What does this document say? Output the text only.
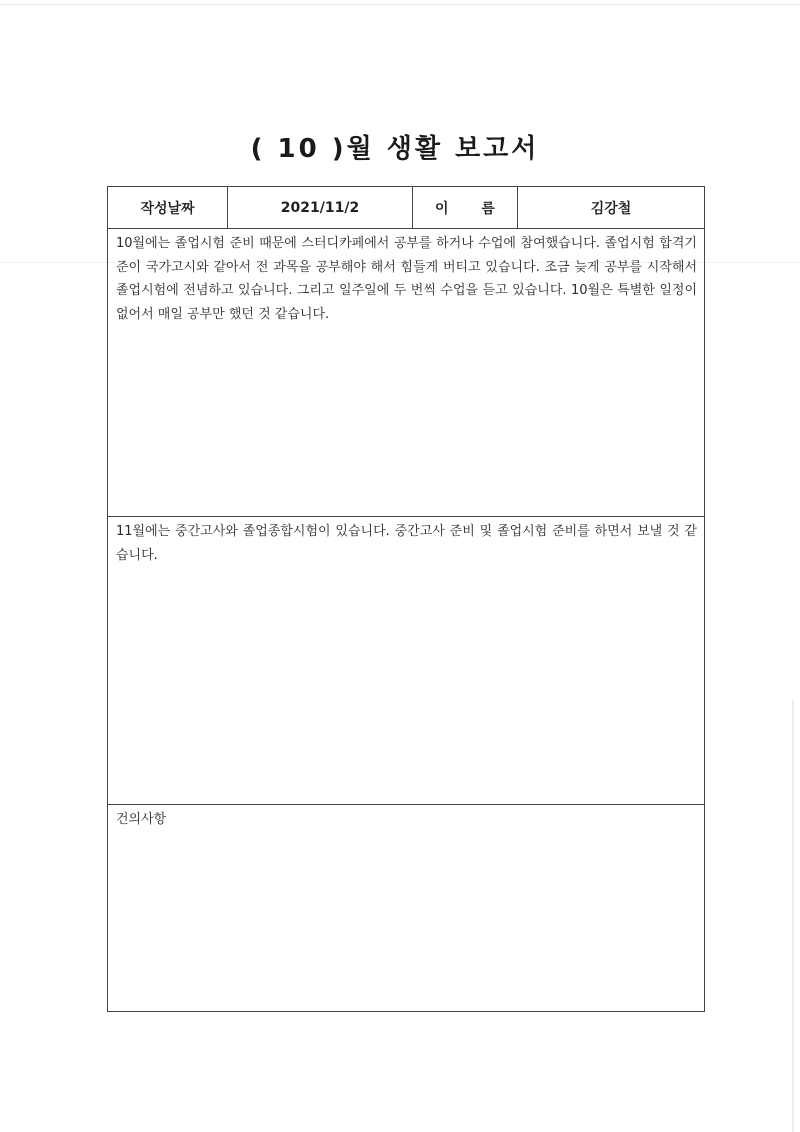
( 10 )월 생활 보고서
작성날짜	2021/11/2	이 름	김강철
10월에는 졸업시험 준비 때문에 스터디카페에서 공부를 하거나 수업에 참여했습니다. 졸업시험 합격기준이 국가고시와 같아서 전 과목을 공부해야 해서 힘들게 버티고 있습니다. 조금 늦게 공부를 시작해서 졸업시험에 전념하고 있습니다. 그리고 일주일에 두 번씩 수업을 듣고 있습니다. 10월은 특별한 일정이 없어서 매일 공부만 했던 것 같습니다.
11월에는 중간고사와 졸업종합시험이 있습니다. 중간고사 준비 및 졸업시험 준비를 하면서 보낼 것 같습니다.
건의사항
